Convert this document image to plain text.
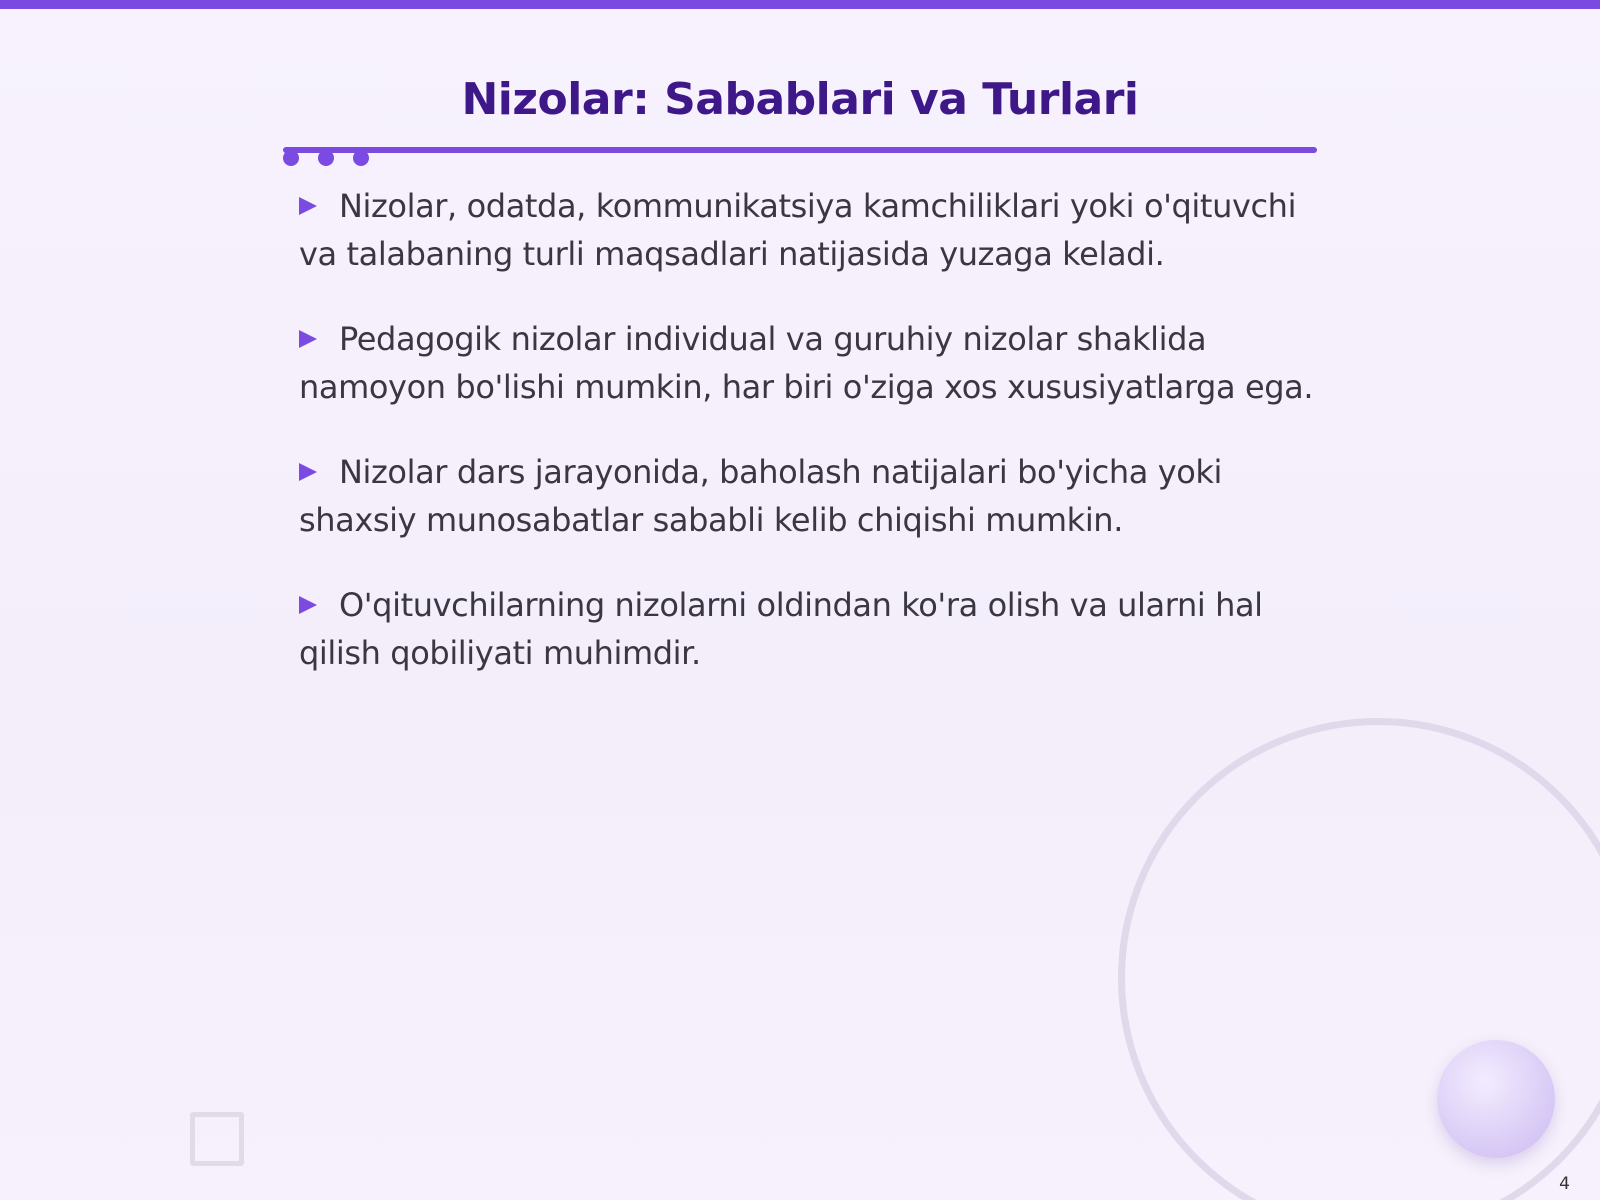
Nizolar: Sabablari va Turlari
Nizolar, odatda, kommunikatsiya kamchiliklari yoki o'qituvchi va talabaning turli maqsadlari natijasida yuzaga keladi.
Pedagogik nizolar individual va guruhiy nizolar shaklida namoyon bo'lishi mumkin, har biri o'ziga xos xususiyatlarga ega.
Nizolar dars jarayonida, baholash natijalari bo'yicha yoki shaxsiy munosabatlar sababli kelib chiqishi mumkin.
O'qituvchilarning nizolarni oldindan ko'ra olish va ularni hal qilish qobiliyati muhimdir.
4
